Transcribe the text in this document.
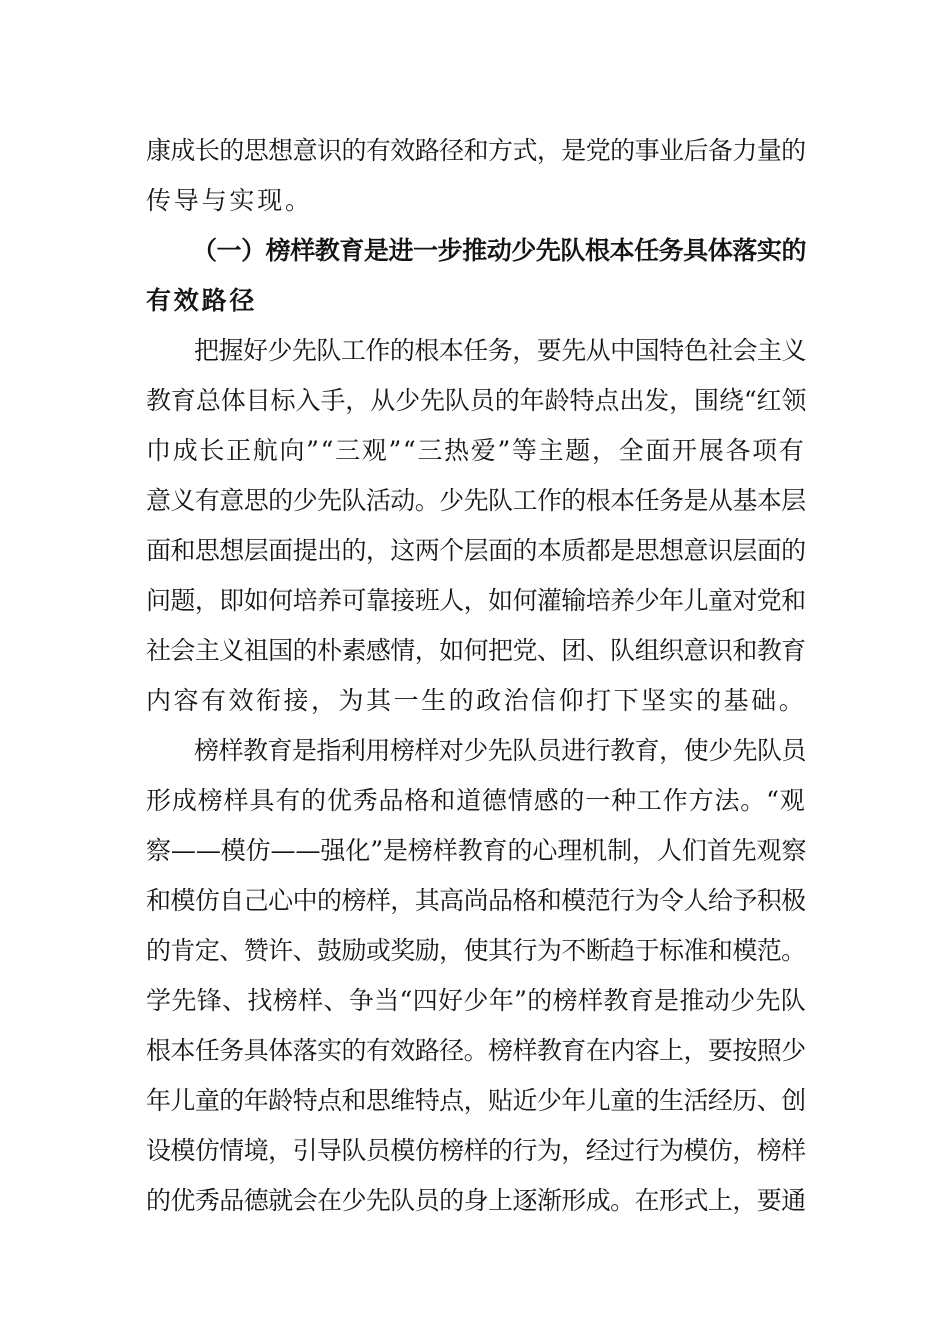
康成长的思想意识的有效路径和方式，是党的事业后备力量的
传导与实现。
（一）榜样教育是进一步推动少先队根本任务具体落实的
有效路径
把握好少先队工作的根本任务，要先从中国特色社会主义
教育总体目标入手，从少先队员的年龄特点出发，围绕“红领
巾成长正航向”“三观”“三热爱”等主题，全面开展各项有
意义有意思的少先队活动。少先队工作的根本任务是从基本层
面和思想层面提出的，这两个层面的本质都是思想意识层面的
问题，即如何培养可靠接班人，如何灌输培养少年儿童对党和
社会主义祖国的朴素感情，如何把党、团、队组织意识和教育
内容有效衔接，为其一生的政治信仰打下坚实的基础。
榜样教育是指利用榜样对少先队员进行教育，使少先队员
形成榜样具有的优秀品格和道德情感的一种工作方法。“观
察——模仿——强化”是榜样教育的心理机制，人们首先观察
和模仿自己心中的榜样，其高尚品格和模范行为令人给予积极
的肯定、赞许、鼓励或奖励，使其行为不断趋于标准和模范。
学先锋、找榜样、争当“四好少年”的榜样教育是推动少先队
根本任务具体落实的有效路径。榜样教育在内容上，要按照少
年儿童的年龄特点和思维特点，贴近少年儿童的生活经历、创
设模仿情境，引导队员模仿榜样的行为，经过行为模仿，榜样
的优秀品德就会在少先队员的身上逐渐形成。在形式上，要通
